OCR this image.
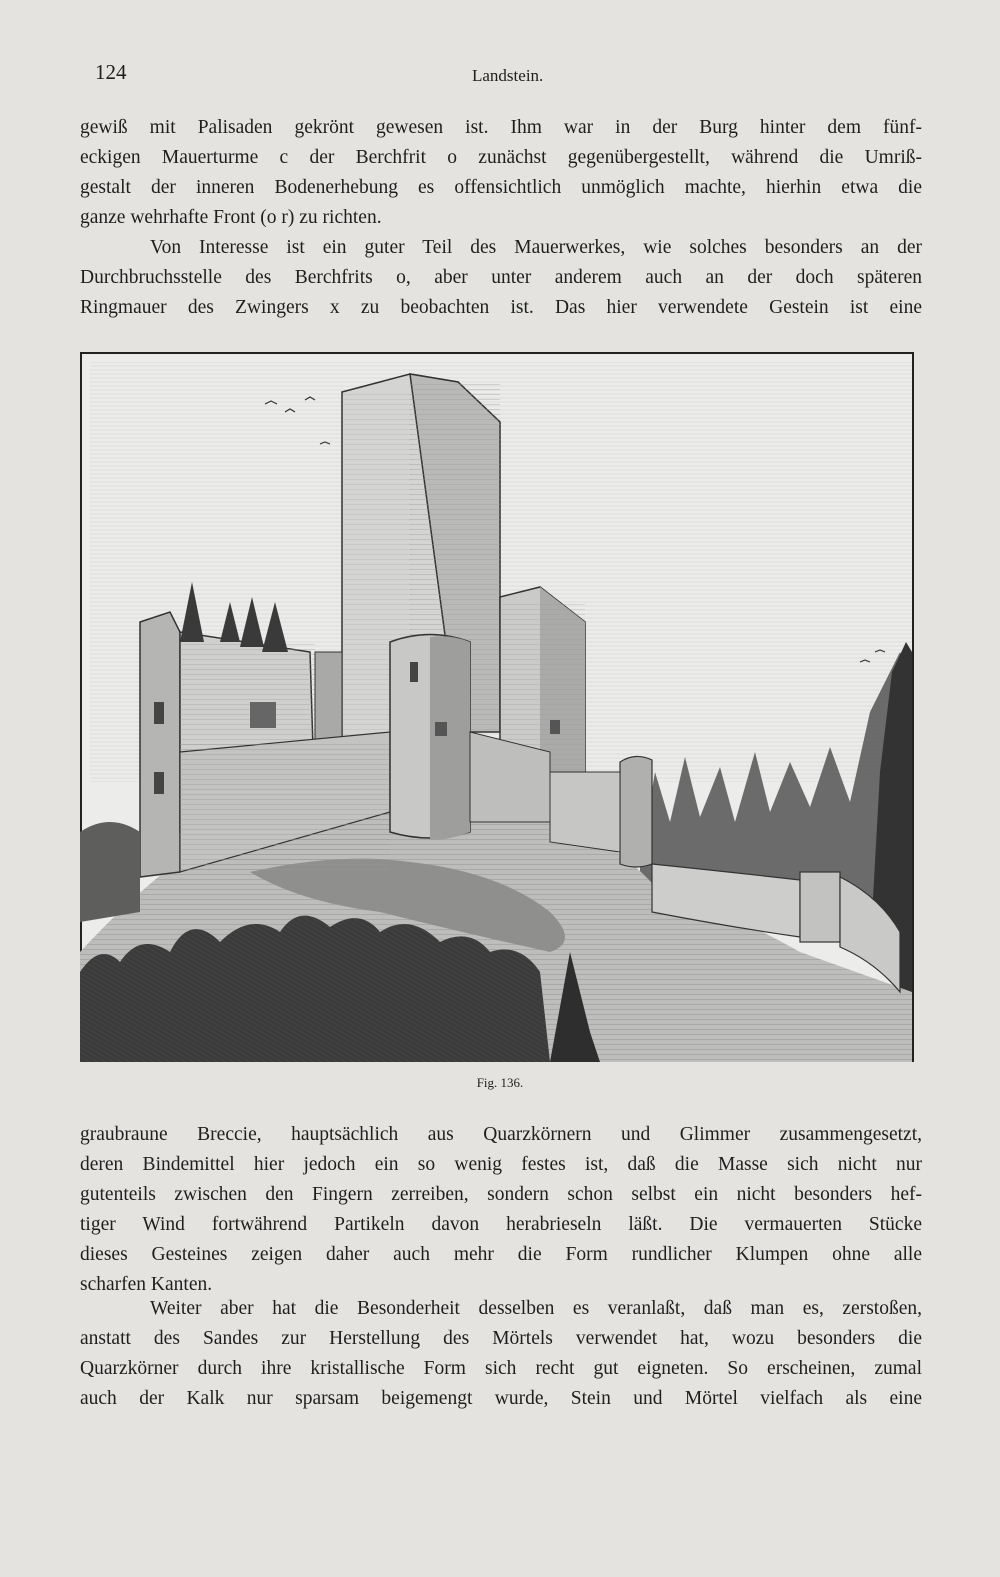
124	Landstein.
gewiß mit Palisaden gekrönt gewesen ist. Ihm war in der Burg hinter dem fünf-
eckigen Mauerturme c der Berchfrit o zunächst gegenübergestellt, während die Umriß-
gestalt der inneren Bodenerhebung es offensichtlich unmöglich machte, hierhin etwa die
ganze wehrhafte Front (o r) zu richten.
Von Interesse ist ein guter Teil des Mauerwerkes, wie solches besonders an der
Durchbruchsstelle des Berchfrits o, aber unter anderem auch an der doch späteren
Ringmauer des Zwingers x zu beobachten ist. Das hier verwendete Gestein ist eine
Fig. 136.
graubraune Breccie, hauptsächlich aus Quarzkörnern und Glimmer zusammengesetzt,
deren Bindemittel hier jedoch ein so wenig festes ist, daß die Masse sich nicht nur
gutenteils zwischen den Fingern zerreiben, sondern schon selbst ein nicht besonders hef-
tiger Wind fortwährend Partikeln davon herabrieseln läßt. Die vermauerten Stücke
dieses Gesteines zeigen daher auch mehr die Form rundlicher Klumpen ohne alle
scharfen Kanten.
Weiter aber hat die Besonderheit desselben es veranlaßt, daß man es, zerstoßen,
anstatt des Sandes zur Herstellung des Mörtels verwendet hat, wozu besonders die
Quarzkörner durch ihre kristallische Form sich recht gut eigneten. So erscheinen, zumal
auch der Kalk nur sparsam beigemengt wurde, Stein und Mörtel vielfach als eine
